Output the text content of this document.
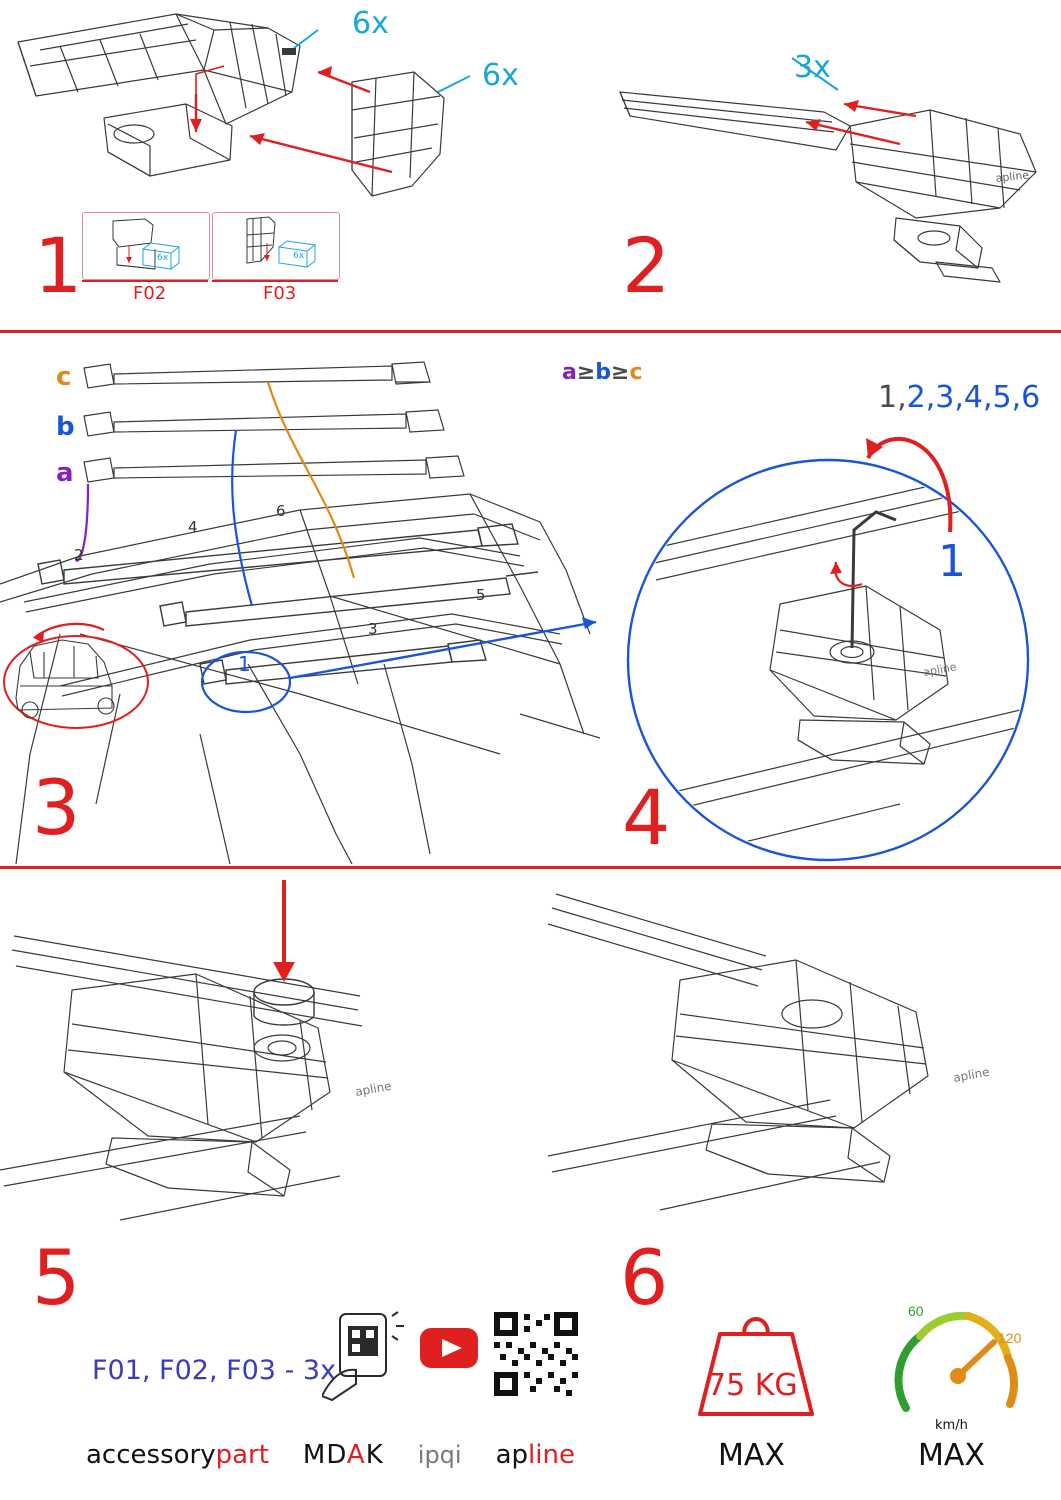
6x
F02
6x
F03
6x
6x
1
apline
3x
2
c
b
a
a≥b≥c
1
2
3
4
5
6
3
apline
1,2,3,4,5,6
1
4
apline
apline
5	6
F01, F02, F03 - 3x
accessorypart MDAK ipqi apline
75 KG
MAX
60
120
km/h
MAX
